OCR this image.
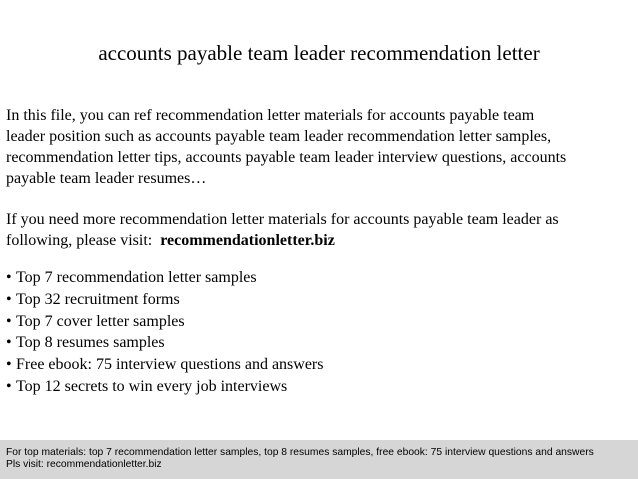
accounts payable team leader recommendation letter
In this file, you can ref recommendation letter materials for accounts payable team
leader position such as accounts payable team leader recommendation letter samples,
recommendation letter tips, accounts payable team leader interview questions, accounts
payable team leader resumes…
If you need more recommendation letter materials for accounts payable team leader as
following, please visit:  recommendationletter.biz
• Top 7 recommendation letter samples
• Top 32 recruitment forms
• Top 7 cover letter samples
• Top 8 resumes samples
• Free ebook: 75 interview questions and answers
• Top 12 secrets to win every job interviews
For top materials: top 7 recommendation letter samples, top 8 resumes samples, free ebook: 75 interview questions and answers
Pls visit: recommendationletter.biz
